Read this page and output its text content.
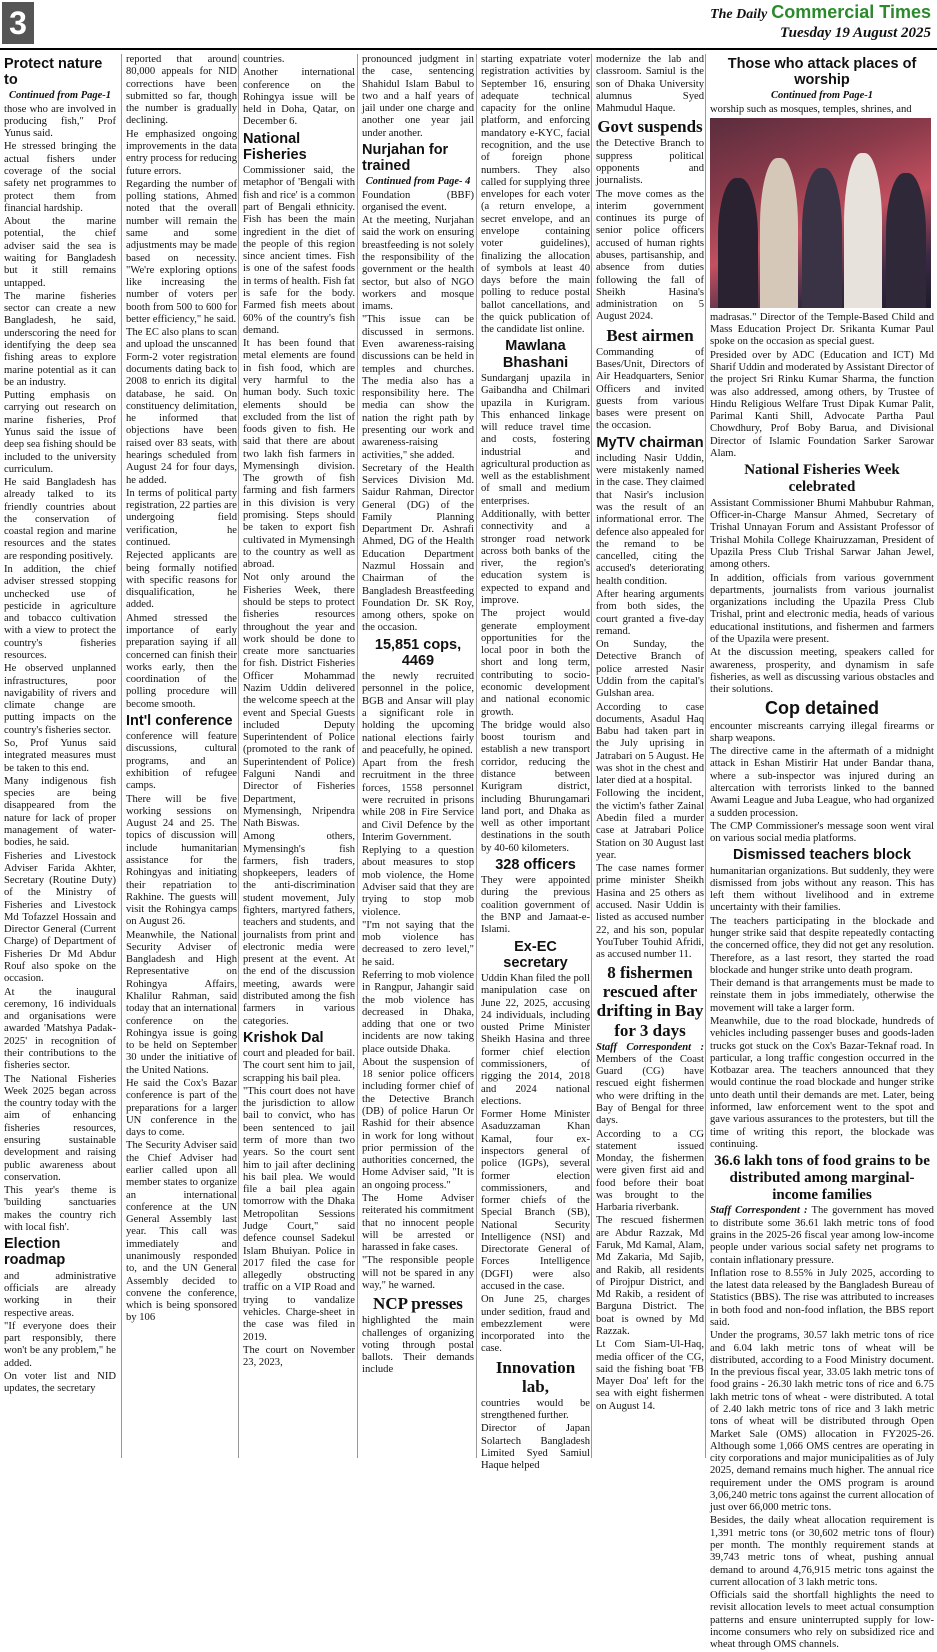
3	The Daily Commercial Times
Tuesday 19 August 2025
Protect nature to
Continued from Page-1

those who are involved in producing fish," Prof Yunus said.

He stressed bringing the actual fishers under coverage of the social safety net programmes to protect them from financial hardship.

About the marine potential, the chief adviser said the sea is waiting for Bangladesh but it still remains untapped.

The marine fisheries sector can create a new Bangladesh, he said, underscoring the need for identifying the deep sea fishing areas to explore marine potential as it can be an industry.

Putting emphasis on carrying out research on marine fisheries, Prof Yunus said the issue of deep sea fishing should be included to the university curriculum.

He said Bangladesh has already talked to its friendly countries about the conservation of coastal region and marine resources and the states are responding positively.

In addition, the chief adviser stressed stopping unchecked use of pesticide in agriculture and tobacco cultivation with a view to protect the country's fisheries resources.

He observed unplanned infrastructures, poor navigability of rivers and climate change are putting impacts on the country's fisheries sector.

So, Prof Yunus said integrated measures must be taken to this end.

Many indigenous fish species are being disappeared from the nature for lack of proper management of water-bodies, he said.

Fisheries and Livestock Adviser Farida Akhter, Secretary (Routine Duty) of the Ministry of Fisheries and Livestock Md Tofazzel Hossain and Director General (Current Charge) of Department of Fisheries Dr Md Abdur Rouf also spoke on the occasion.

At the inaugural ceremony, 16 individuals and organisations were awarded 'Matshya Padak-2025' in recognition of their contributions to the fisheries sector.

The National Fisheries Week 2025 began across the country today with the aim of enhancing fisheries resources, ensuring sustainable development and raising public awareness about conservation.

This year's theme is 'building sanctuaries makes the country rich with local fish'.

Election roadmap

and administrative officials are already working in their respective areas.

"If everyone does their part responsibly, there won't be any problem," he added.

On voter list and NID updates, the secretary

reported that around 80,000 appeals for NID corrections have been submitted so far, though the number is gradually declining.

He emphasized ongoing improvements in the data entry process for reducing future errors.

Regarding the number of polling stations, Ahmed noted that the overall number will remain the same and some adjustments may be made based on necessity. "We're exploring options like increasing the number of voters per booth from 500 to 600 for better efficiency," he said.

The EC also plans to scan and upload the unscanned Form-2 voter registration documents dating back to 2008 to enrich its digital database, he said. On constituency delimitation, he informed that objections have been raised over 83 seats, with hearings scheduled from August 24 for four days, he added.

In terms of political party registration, 22 parties are undergoing field verification, he continued.

Rejected applicants are being formally notified with specific reasons for disqualification, he added.

Ahmed stressed the importance of early preparation saying if all concerned can finish their works early, then the coordination of the polling procedure will become smooth.

Int'l conference

conference will feature discussions, cultural programs, and an exhibition of refugee camps.

There will be five working sessions on August 24 and 25. The topics of discussion will include humanitarian assistance for the Rohingyas and initiating their repatriation to Rakhine. The guests will visit the Rohingya camps on August 26.

Meanwhile, the National Security Adviser of Bangladesh and High Representative on Rohingya Affairs, Khalilur Rahman, said today that an international conference on the Rohingya issue is going to be held on September 30 under the initiative of the United Nations.

He said the Cox's Bazar conference is part of the preparations for a larger UN conference in the days to come.

The Security Adviser said the Chief Adviser had earlier called upon all member states to organize an international conference at the UN General Assembly last year. This call was immediately and unanimously responded to, and the UN General Assembly decided to convene the conference, which is being sponsored by 106

countries.

Another international conference on the Rohingya issue will be held in Doha, Qatar, on December 6.

National Fisheries

Commissioner said, the metaphor of 'Bengali with fish and rice' is a common part of Bengali ethnicity. Fish has been the main ingredient in the diet of the people of this region since ancient times. Fish is one of the safest foods in terms of health. Fish fat is safe for the body. Farmed fish meets about 60% of the country's fish demand.

It has been found that metal elements are found in fish food, which are very harmful to the human body. Such toxic elements should be excluded from the list of foods given to fish. He said that there are about two lakh fish farmers in Mymensingh division. The growth of fish farming and fish farmers in this division is very promising. Steps should be taken to export fish cultivated in Mymensingh to the country as well as abroad.

Not only around the Fisheries Week, there should be steps to protect fisheries resources throughout the year and work should be done to create more sanctuaries for fish. District Fisheries Officer Mohammad Nazim Uddin delivered the welcome speech at the event and Special Guests included Deputy Superintendent of Police (promoted to the rank of Superintendent of Police) Falguni Nandi and Director of Fisheries Department, Mymensingh, Nripendra Nath Biswas.

Among others, Mymensingh's fish farmers, fish traders, shopkeepers, leaders of the anti-discrimination student movement, July fighters, martyred fathers, teachers and students, and journalists from print and electronic media were present at the event. At the end of the discussion meeting, awards were distributed among the fish farmers in various categories.

Krishok Dal

court and pleaded for bail. The court sent him to jail, scrapping his bail plea.

"This court does not have the jurisdiction to allow bail to convict, who has been sentenced to jail term of more than two years. So the court sent him to jail after declining his bail plea. We would file a bail plea again tomorrow with the Dhaka Metropolitan Sessions Judge Court," said defence counsel Sadekul Islam Bhuiyan. Police in 2017 filed the case for allegedly obstructing traffic on a VIP Road and trying to vandalize vehicles. Charge-sheet in the case was filed in 2019.

The court on November 23, 2023,

pronounced judgment in the case, sentencing Shahidul Islam Babul to two and a half years of jail under one charge and another one year jail under another.

Nurjahan for trained
Continued from Page- 4

Foundation (BBF) organised the event.

At the meeting, Nurjahan said the work on ensuring breastfeeding is not solely the responsibility of the government or the health sector, but also of NGO workers and mosque imams.

"This issue can be discussed in sermons. Even awareness-raising discussions can be held in temples and churches. The media also has a responsibility here. The media can show the nation the right path by presenting our work and awareness-raising activities," she added.

Secretary of the Health Services Division Md. Saidur Rahman, Director General (DG) of the Family Planning Department Dr. Ashrafi Ahmed, DG of the Health Education Department Nazmul Hossain and Chairman of the Bangladesh Breastfeeding Foundation Dr. SK Roy, among others, spoke on the occasion.

15,851 cops, 4469

the newly recruited personnel in the police, BGB and Ansar will play a significant role in holding the upcoming national elections fairly and peacefully, he opined.

Apart from the fresh recruitment in the three forces, 1558 personnel were recruited in prisons while 208 in Fire Service and Civil Defence by the Interim Government.

Replying to a question about measures to stop mob violence, the Home Adviser said that they are trying to stop mob violence.

"I'm not saying that the mob violence has decreased to zero level," he said.

Referring to mob violence in Rangpur, Jahangir said the mob violence has decreased in Dhaka, adding that one or two incidents are now taking place outside Dhaka.

About the suspension of 18 senior police officers including former chief of the Detective Branch (DB) of police Harun Or Rashid for their absence in work for long without prior permission of the authorities concerned, the Home Adviser said, "It is an ongoing process."

The Home Adviser reiterated his commitment that no innocent people will be arrested or harassed in fake cases.

"The responsible people will not be spared in any way," he warned.

NCP presses

highlighted the main challenges of organizing voting through postal ballots. Their demands include

starting expatriate voter registration activities by September 16, ensuring adequate technical capacity for the online platform, and enforcing mandatory e-KYC, facial recognition, and the use of foreign phone numbers. They also called for supplying three envelopes for each voter (a return envelope, a secret envelope, and an envelope containing voter guidelines), finalizing the allocation of symbols at least 40 days before the main polling to reduce postal ballot cancellations, and the quick publication of the candidate list online.

Mawlana Bhashani

Sundarganj upazila in Gaibandha and Chilmari upazila in Kurigram. This enhanced linkage will reduce travel time and costs, fostering industrial and agricultural production as well as the establishment of small and medium enterprises.

Additionally, with better connectivity and a stronger road network across both banks of the river, the region's education system is expected to expand and improve.

The project would generate employment opportunities for the local poor in both the short and long term, contributing to socio-economic development and national economic growth.

The bridge would also boost tourism and establish a new transport corridor, reducing the distance between Kurigram district, including Bhurungamari land port, and Dhaka as well as other important destinations in the south by 40-60 kilometers.

328 officers

They were appointed during the previous coalition government of the BNP and Jamaat-e-Islami.

Ex-EC secretary

Uddin Khan filed the poll manipulation case on June 22, 2025, accusing 24 individuals, including ousted Prime Minister Sheikh Hasina and three former chief election commissioners, of rigging the 2014, 2018 and 2024 national elections.

Former Home Minister Asaduzzaman Khan Kamal, four ex-inspectors general of police (IGPs), several former election commissioners, and former chiefs of the Special Branch (SB), National Security Intelligence (NSI) and Directorate General of Forces Intelligence (DGFI) were also accused in the case.

On June 25, charges under sedition, fraud and embezzlement were incorporated into the case.

Innovation lab,

countries would be strengthened further.

Director of Japan Solartech Bangladesh Limited Syed Samiul Haque helped

modernize the lab and classroom. Samiul is the son of Dhaka University alumnus Syed Mahmudul Haque.

Govt suspends

the Detective Branch to suppress political opponents and journalists.

The move comes as the interim government continues its purge of senior police officers accused of human rights abuses, partisanship, and absence from duties following the fall of Sheikh Hasina's administration on 5 August 2024.

Best airmen

Commanding of Bases/Unit, Directors of Air Headquarters, Senior Officers and invited guests from various bases were present on the occasion.

MyTV chairman

including Nasir Uddin, were mistakenly named in the case. They claimed that Nasir's inclusion was the result of an informational error. The defence also appealed for the remand to be cancelled, citing the accused's deteriorating health condition.

After hearing arguments from both sides, the court granted a five-day remand.

On Sunday, the Detective Branch of police arrested Nasir Uddin from the capital's Gulshan area.

According to case documents, Asadul Haq Babu had taken part in the July uprising in Jatrabari on 5 August. He was shot in the chest and later died at a hospital.

Following the incident, the victim's father Zainal Abedin filed a murder case at Jatrabari Police Station on 30 August last year.

The case names former prime minister Sheikh Hasina and 25 others as accused. Nasir Uddin is listed as accused number 22, and his son, popular YouTuber Touhid Afridi, as accused number 11.

8 fishermen rescued after drifting in Bay for 3 days

Staff Correspondent : Members of the Coast Guard (CG) have rescued eight fishermen who were drifting in the Bay of Bengal for three days.

According to a CG statement issued Monday, the fishermen were given first aid and food before their boat was brought to the Harbaria riverbank.

The rescued fishermen are Abdur Razzak, Md Faruk, Md Kamal, Alam, Md Zakaria, Md Sajib, and Rakib, all residents of Pirojpur District, and Md Rakib, a resident of Barguna District. The boat is owned by Md Razzak.

Lt Com Siam-Ul-Haq, media officer of the CG, said the fishing boat 'FB Mayer Doa' left for the sea with eight fishermen on August 14.

Those who attack places of worship
Continued from Page-1

worship such as mosques, temples, shrines, and

madrasas." Director of the Temple-Based Child and Mass Education Project Dr. Srikanta Kumar Paul spoke on the occasion as special guest.

Presided over by ADC (Education and ICT) Md Sharif Uddin and moderated by Assistant Director of the project Sri Rinku Kumar Sharma, the function was also addressed, among others, by Trustee of Hindu Religious Welfare Trust Dipak Kumar Palit, Parimal Kanti Shill, Advocate Partha Paul Chowdhury, Prof Boby Barua, and Divisional Director of Islamic Foundation Sarker Sarowar Alam.

National Fisheries Week celebrated

Assistant Commissioner Bhumi Mahbubur Rahman, Officer-in-Charge Mansur Ahmed, Secretary of Trishal Unnayan Forum and Assistant Professor of Trishal Mohila College Khairuzzaman, President of Upazila Press Club Trishal Sarwar Jahan Jewel, among others.

In addition, officials from various government departments, journalists from various journalist organizations including the Upazila Press Club Trishal, print and electronic media, heads of various educational institutions, and fishermen and farmers of the Upazila were present.

At the discussion meeting, speakers called for awareness, prosperity, and dynamism in safe fisheries, as well as discussing various obstacles and their solutions.

Cop detained

encounter miscreants carrying illegal firearms or sharp weapons.

The directive came in the aftermath of a midnight attack in Eshan Mistirir Hat under Bandar thana, where a sub-inspector was injured during an altercation with terrorists linked to the banned Awami League and Juba League, who had organized a sudden procession.

The CMP Commissioner's message soon went viral on various social media platforms.

Dismissed teachers block

humanitarian organizations. But suddenly, they were dismissed from jobs without any reason. This has left them without livelihood and in extreme uncertainty with their families.

The teachers participating in the blockade and hunger strike said that despite repeatedly contacting the concerned office, they did not get any resolution. Therefore, as a last resort, they started the road blockade and hunger strike unto death program.

Their demand is that arrangements must be made to reinstate them in jobs immediately, otherwise the movement will take a larger form.

Meanwhile, due to the road blockade, hundreds of vehicles including passenger buses and goods-laden trucks got stuck on the Cox's Bazar-Teknaf road. In particular, a long traffic congestion occurred in the Kotbazar area. The teachers announced that they would continue the road blockade and hunger strike unto death until their demands are met. Later, being informed, law enforcement went to the spot and gave various assurances to the protesters, but till the time of writing this report, the blockade was continuing.

36.6 lakh tons of food grains to be distributed among marginal-income families

Staff Correspondent : The government has moved to distribute some 36.61 lakh metric tons of food grains in the 2025-26 fiscal year among low-income people under various social safety net programs to contain inflationary pressure.

Inflation rose to 8.55% in July 2025, according to the latest data released by the Bangladesh Bureau of Statistics (BBS). The rise was attributed to increases in both food and non-food inflation, the BBS report said.

Under the programs, 30.57 lakh metric tons of rice and 6.04 lakh metric tons of wheat will be distributed, according to a Food Ministry document. In the previous fiscal year, 33.05 lakh metric tons of food grains - 26.30 lakh metric tons of rice and 6.75 lakh metric tons of wheat - were distributed. A total of 2.40 lakh metric tons of rice and 3 lakh metric tons of wheat will be distributed through Open Market Sale (OMS) allocation in FY2025-26. Although some 1,066 OMS centres are operating in city corporations and major municipalities as of July 2025, demand remains much higher. The annual rice requirement under the OMS program is around 3,06,240 metric tons against the current allocation of just over 66,000 metric tons.

Besides, the daily wheat allocation requirement is 1,391 metric tons (or 30,602 metric tons of flour) per month. The monthly requirement stands at 39,743 metric tons of wheat, pushing annual demand to around 4,76,915 metric tons against the current allocation of 3 lakh metric tons.

Officials said the shortfall highlights the need to revisit allocation levels to meet actual consumption patterns and ensure uninterrupted supply for low-income consumers who rely on subsidized rice and wheat through OMS channels.
